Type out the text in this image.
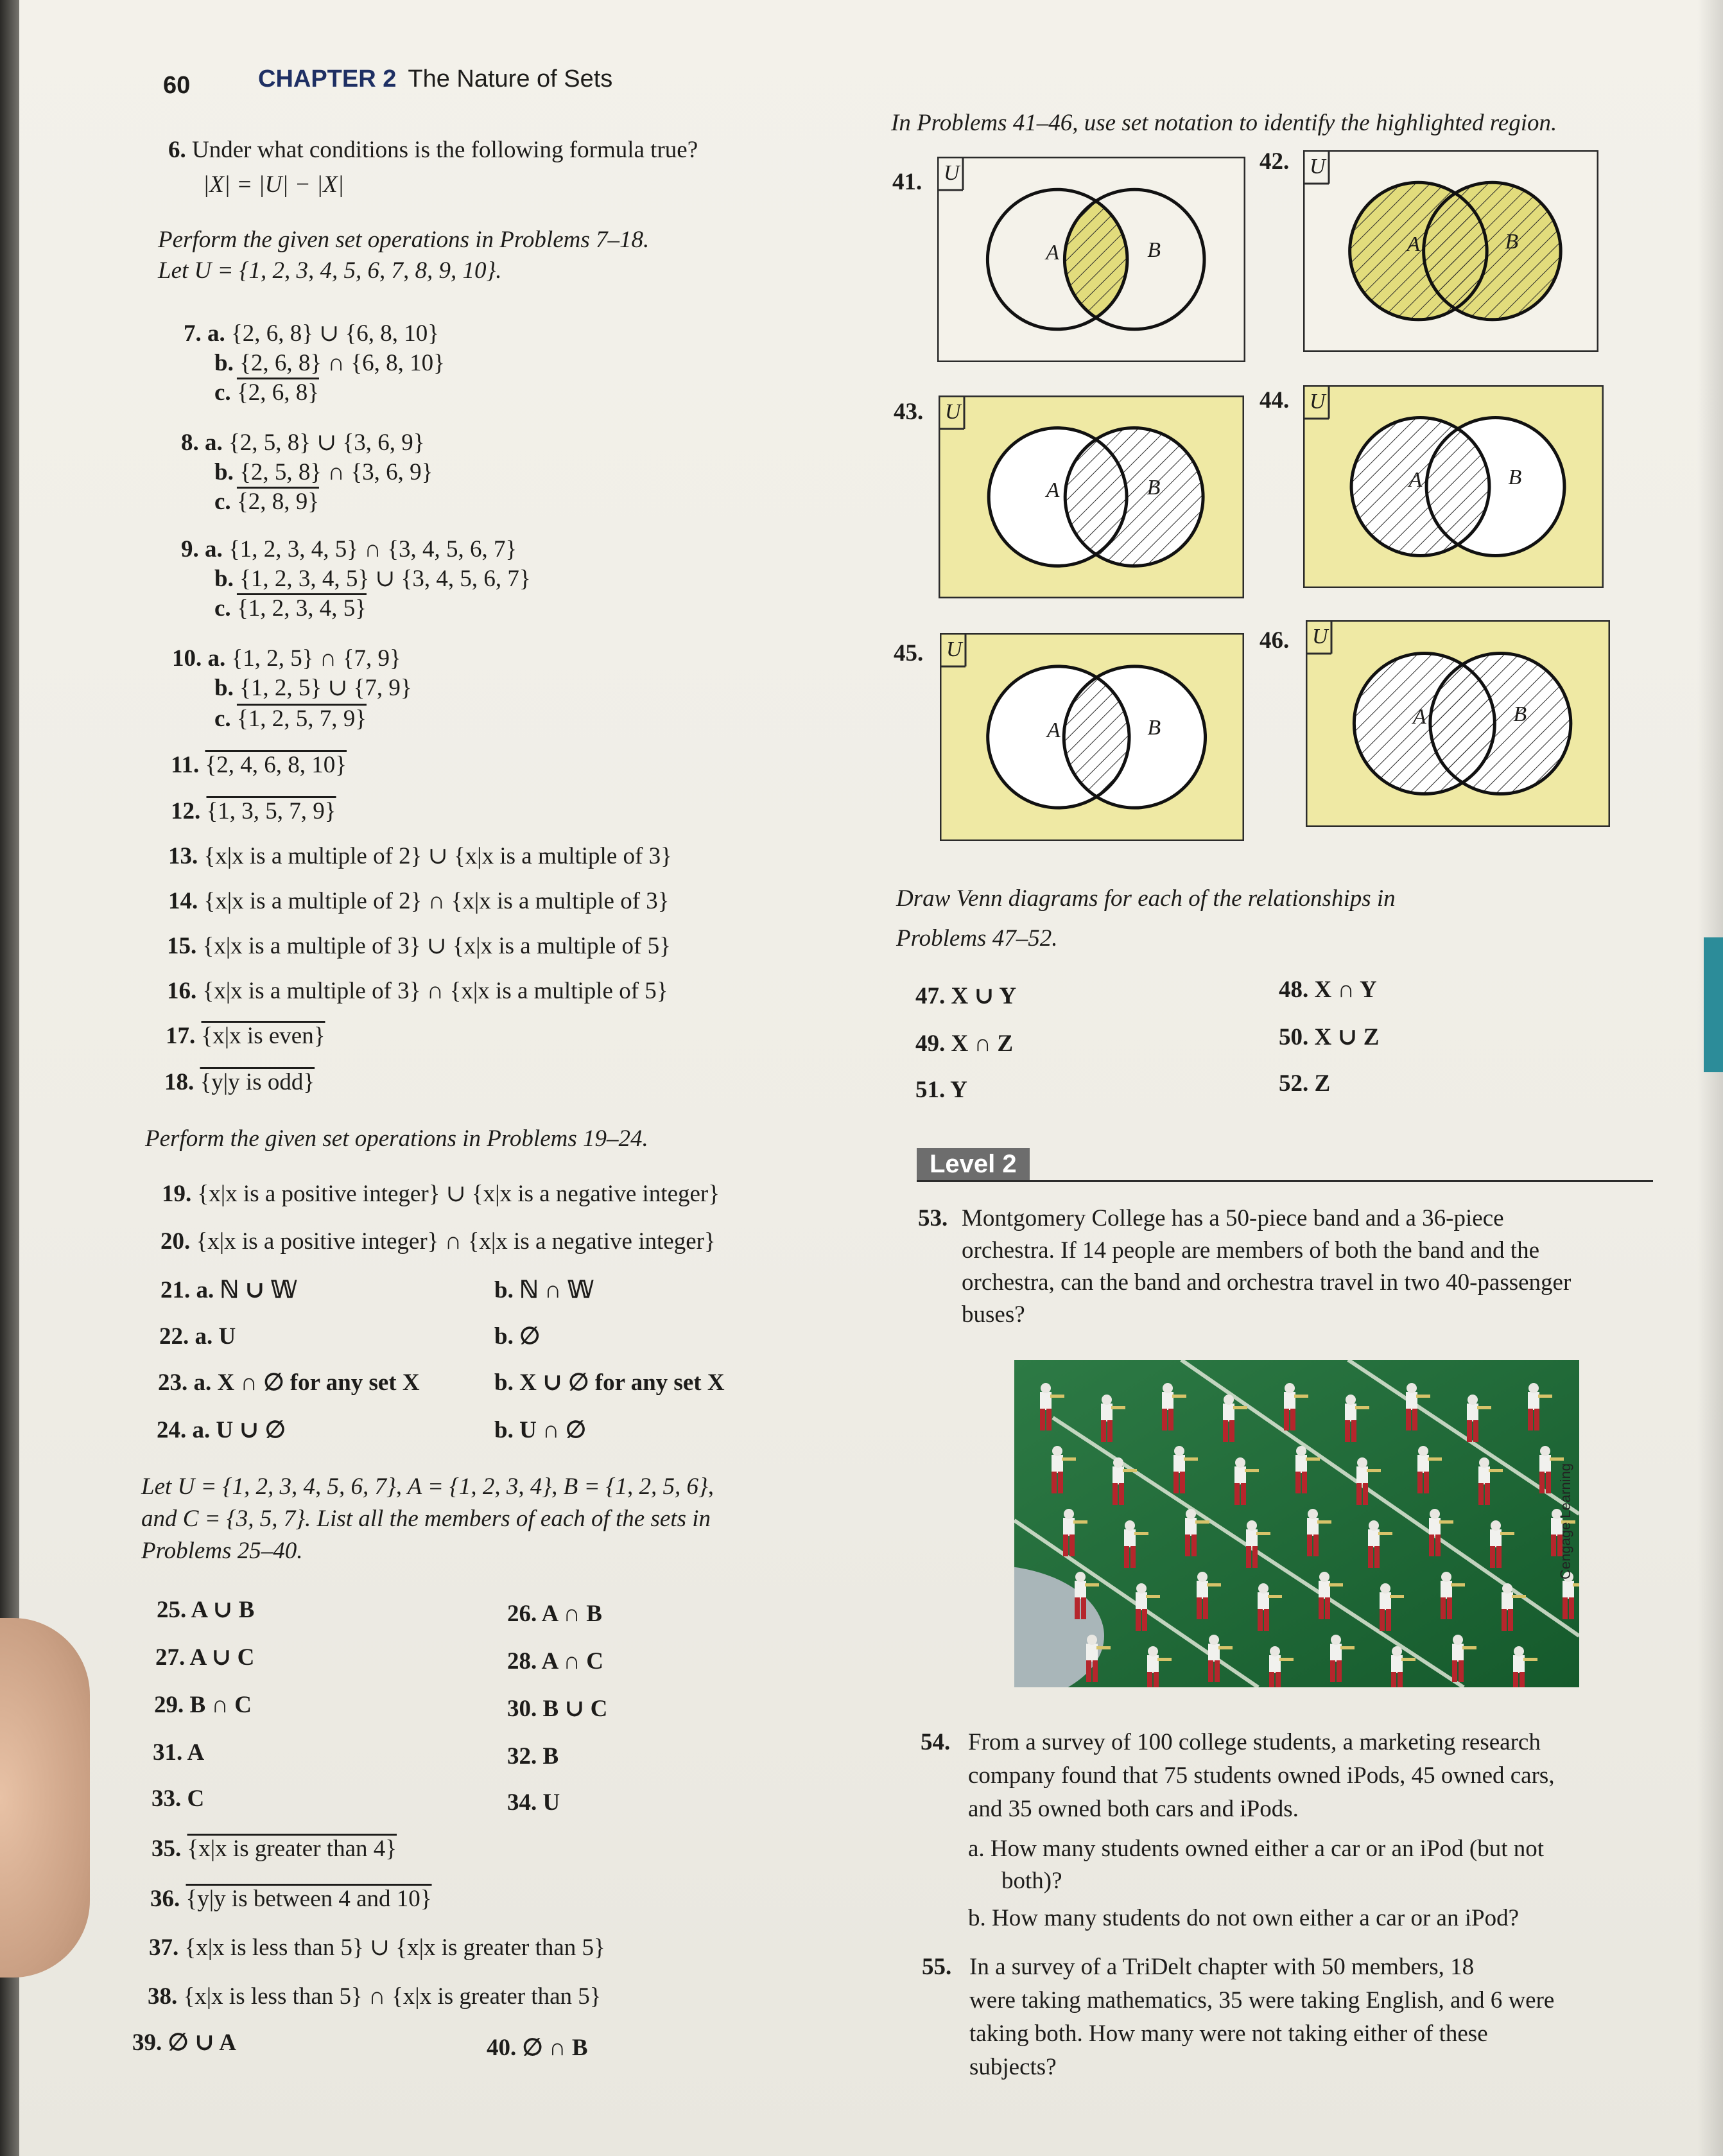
60	CHAPTER 2 The Nature of Sets
6. Under what conditions is the following formula true?
|X| = |U| − |X|
Perform the given set operations in Problems 7–18.
Let U = {1, 2, 3, 4, 5, 6, 7, 8, 9, 10}.
7. a. {2, 6, 8} ∪ {6, 8, 10}
b. {2, 6, 8} ∩ {6, 8, 10}
c. {2, 6, 8}
8. a. {2, 5, 8} ∪ {3, 6, 9}
b. {2, 5, 8} ∩ {3, 6, 9}
c. {2, 8, 9}
9. a. {1, 2, 3, 4, 5} ∩ {3, 4, 5, 6, 7}
b. {1, 2, 3, 4, 5} ∪ {3, 4, 5, 6, 7}
c. {1, 2, 3, 4, 5}
10. a. {1, 2, 5} ∩ {7, 9}
b. {1, 2, 5} ∪ {7, 9}
c. {1, 2, 5, 7, 9}
11. {2, 4, 6, 8, 10}
12. {1, 3, 5, 7, 9}
13. {x|x is a multiple of 2} ∪ {x|x is a multiple of 3}
14. {x|x is a multiple of 2} ∩ {x|x is a multiple of 3}
15. {x|x is a multiple of 3} ∪ {x|x is a multiple of 5}
16. {x|x is a multiple of 3} ∩ {x|x is a multiple of 5}
17. {x|x is even}
18. {y|y is odd}
Perform the given set operations in Problems 19–24.
19. {x|x is a positive integer} ∪ {x|x is a negative integer}
20. {x|x is a positive integer} ∩ {x|x is a negative integer}
21. a. ℕ ∪ 𝕎	b. ℕ ∩ 𝕎
22. a. U	b. ∅
23. a. X ∩ ∅ for any set X	b. X ∪ ∅ for any set X
24. a. U ∪ ∅	b. U ∩ ∅
Let U = {1, 2, 3, 4, 5, 6, 7}, A = {1, 2, 3, 4}, B = {1, 2, 5, 6},
and C = {3, 5, 7}. List all the members of each of the sets in
Problems 25–40.
25. A ∪ B	26. A ∩ B
27. A ∪ C	28. A ∩ C
29. B ∩ C	30. B ∪ C
31. A	32. B
33. C	34. U
35. {x|x is greater than 4}
36. {y|y is between 4 and 10}
37. {x|x is less than 5} ∪ {x|x is greater than 5}
38. {x|x is less than 5} ∩ {x|x is greater than 5}
39. ∅ ∪ A	40. ∅ ∩ B
In Problems 41–46, use set notation to identify the highlighted region.
41. U
A	B
42. U
A	B
43. U
A	B
44. U
A	B
45. U
A	B
46. U
A	B
Draw Venn diagrams for each of the relationships in
Problems 47–52.
47. X ∪ Y	48. X ∩ Y
49. X ∩ Z	50. X ∪ Z
51. Y	52. Z
Level 2
53. Montgomery College has a 50-piece band and a 36-piece
orchestra. If 14 people are members of both the band and the
orchestra, can the band and orchestra travel in two 40-passenger
buses?
Cengage Learning
54. From a survey of 100 college students, a marketing research
company found that 75 students owned iPods, 45 owned cars,
and 35 owned both cars and iPods.
a. How many students owned either a car or an iPod (but not
both)?
b. How many students do not own either a car or an iPod?
55. In a survey of a TriDelt chapter with 50 members, 18
were taking mathematics, 35 were taking English, and 6 were
taking both. How many were not taking either of these
subjects?
